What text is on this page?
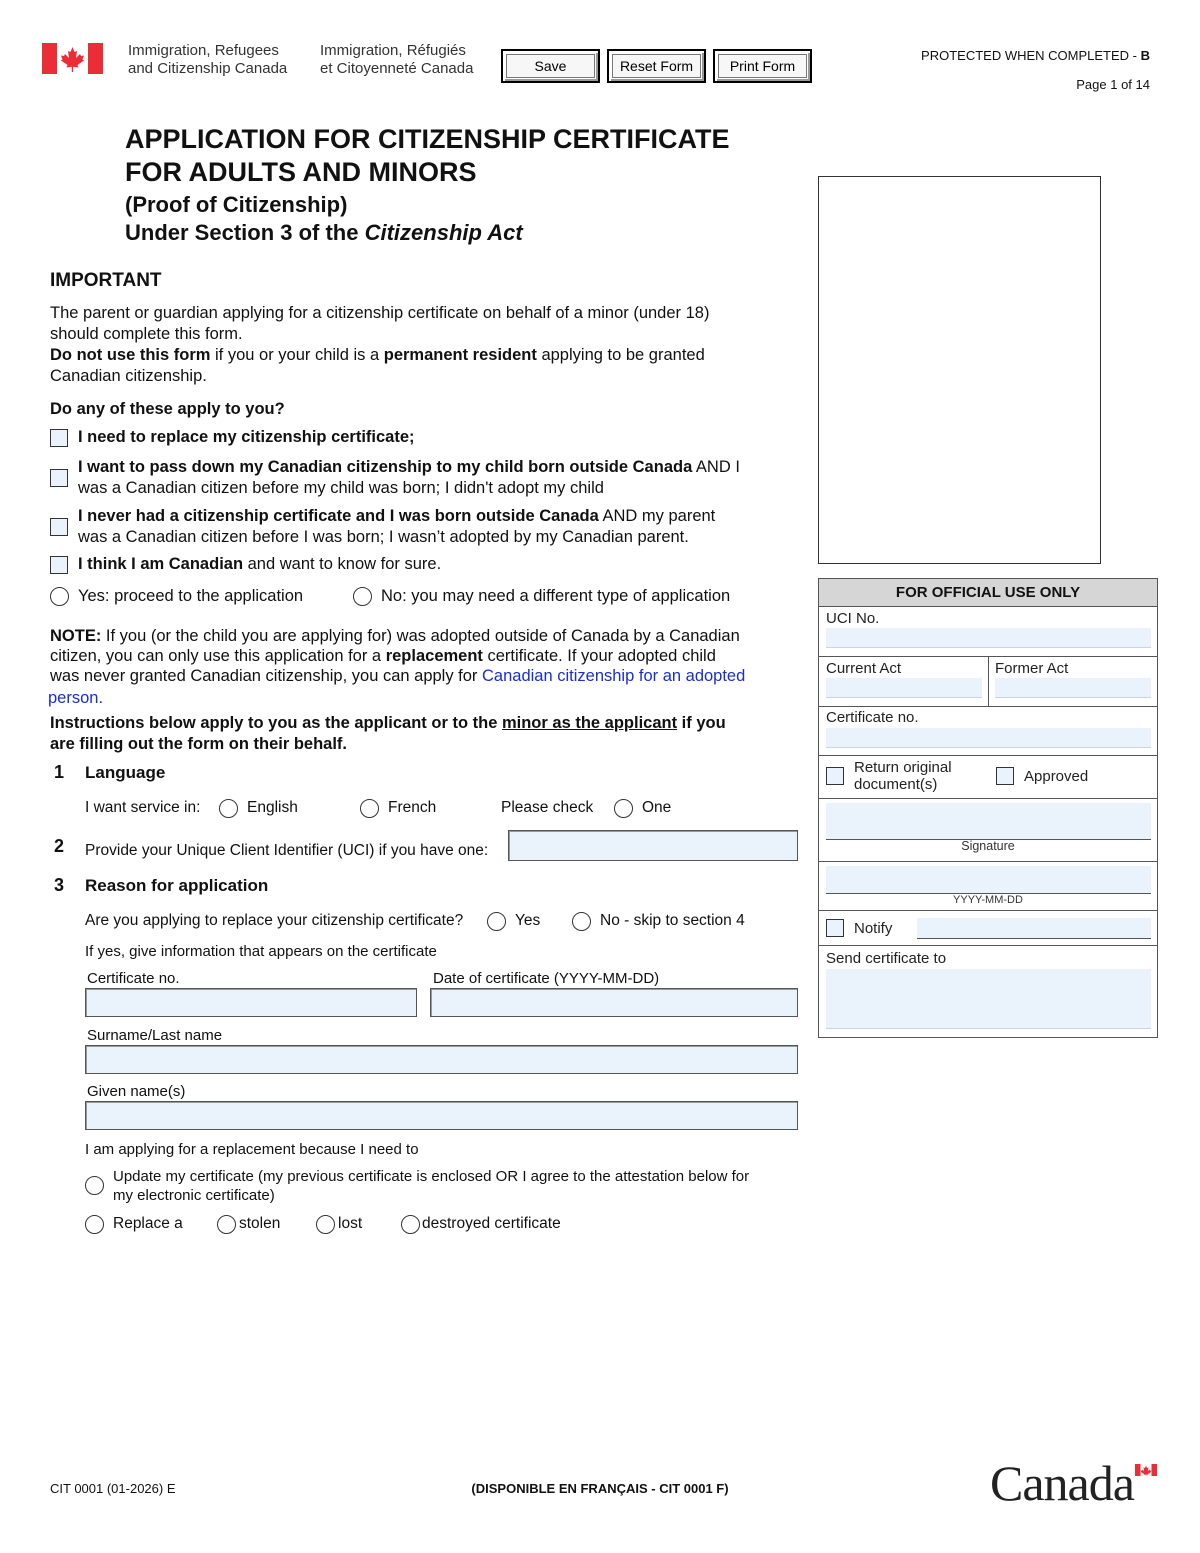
Immigration, Refugees
and Citizenship Canada
Immigration, Réfugiés
et Citoyenneté Canada	Save	Reset Form	Print Form
PROTECTED WHEN COMPLETED - B
Page 1 of 14
APPLICATION FOR CITIZENSHIP CERTIFICATE
FOR ADULTS AND MINORS
(Proof of Citizenship)
Under Section 3 of the Citizenship Act
IMPORTANT
The parent or guardian applying for a citizenship certificate on behalf of a minor (under 18)
should complete this form.
Do not use this form if you or your child is a permanent resident applying to be granted
Canadian citizenship.
Do any of these apply to you?
I need to replace my citizenship certificate;
I want to pass down my Canadian citizenship to my child born outside Canada AND I
was a Canadian citizen before my child was born; I didn't adopt my child
I never had a citizenship certificate and I was born outside Canada AND my parent
was a Canadian citizen before I was born; I wasn’t adopted by my Canadian parent.
I think I am Canadian and want to know for sure.
Yes: proceed to the application	No: you may need a different type of application
NOTE: If you (or the child you are applying for) was adopted outside of Canada by a Canadian
citizen, you can only use this application for a replacement certificate. If your adopted child
was never granted Canadian citizenship, you can apply for Canadian citizenship for an adopted
person.
Instructions below apply to you as the applicant or to the minor as the applicant if you
are filling out the form on their behalf.
1 Language
I want service in:	English	French	Please check	One
2 Provide your Unique Client Identifier (UCI) if you have one:
3 Reason for application
Are you applying to replace your citizenship certificate?	Yes	No - skip to section 4
If yes, give information that appears on the certificate
Certificate no.	Date of certificate (YYYY-MM-DD)
Surname/Last name
Given name(s)
I am applying for a replacement because I need to
Update my certificate (my previous certificate is enclosed OR I agree to the attestation below for
my electronic certificate)
Replace a	stolen	lost	destroyed certificate
FOR OFFICIAL USE ONLY
UCI No.
Current Act	Former Act
Certificate no.
Return original
document(s)	Approved
Signature
YYYY-MM-DD
Notify
Send certificate to
CIT 0001 (01-2026) E	(DISPONIBLE EN FRANÇAIS - CIT 0001 F)	Canada
